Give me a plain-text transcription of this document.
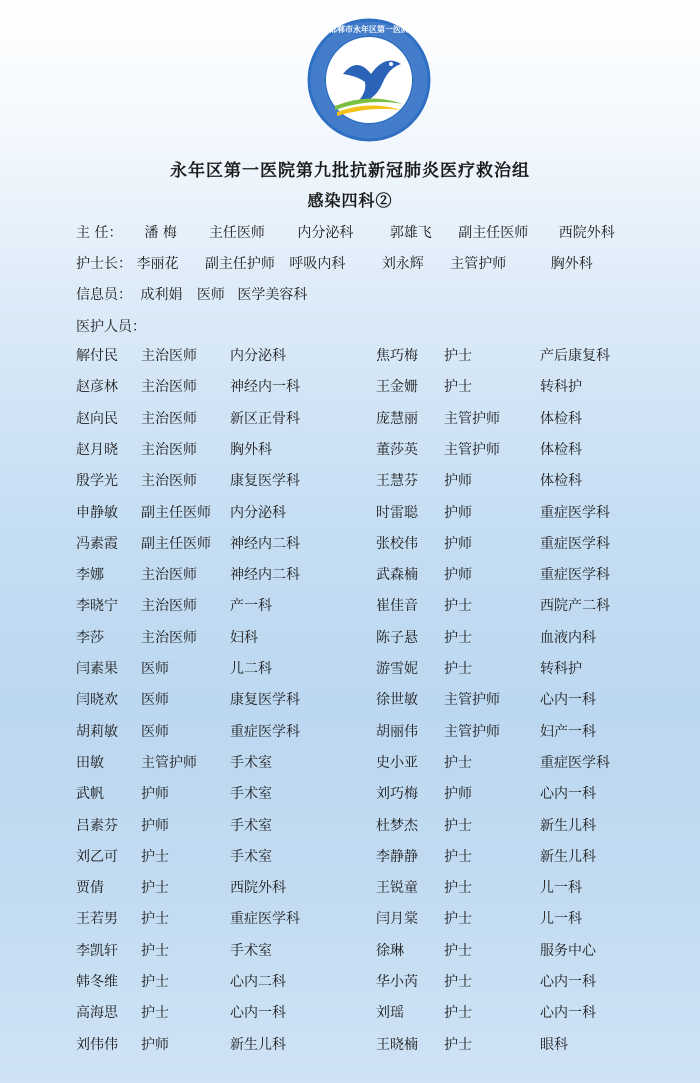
邯郸市永年区第一医院
永年区第一医院第九批抗新冠肺炎医疗救治组
感染四科②
主 任： 潘 梅 主任医师 内分泌科	郭雄飞 副主任医师 西院外科
护士长： 李丽花 副主任护师 呼吸内科	刘永辉 主管护师	胸外科
信息员： 成利娟 医师 医学美容科
医护人员：
解付民 主治医师 内分泌科	焦巧梅 护士	产后康复科
赵彦林 主治医师 神经内一科	王金姗 护士	转科护
赵向民 主治医师 新区正骨科	庞慧丽 主管护师	体检科
赵月晓 主治医师 胸外科	董莎英 主管护师	体检科
殷学光 主治医师 康复医学科	王慧芬 护师	体检科
申静敏 副主任医师 内分泌科	时雷聪 护师	重症医学科
冯素霞 副主任医师 神经内二科	张校伟 护师	重症医学科
李娜	主治医师 神经内二科	武森楠 护师	重症医学科
李晓宁 主治医师 产一科	崔佳音 护士	西院产二科
李莎	主治医师 妇科	陈子悬 护士	血液内科
闫素果 医师	儿二科	游雪妮 护士	转科护
闫晓欢 医师	康复医学科	徐世敏 主管护师	心内一科
胡莉敏 医师	重症医学科	胡丽伟 主管护师	妇产一科
田敏	主管护师 手术室	史小亚 护士	重症医学科
武帆	护师	手术室	刘巧梅 护师	心内一科
吕素芬 护师	手术室	杜梦杰 护士	新生儿科
刘乙可 护士	手术室	李静静 护士	新生儿科
贾倩	护士	西院外科	王锐童 护士	儿一科
王若男 护士	重症医学科	闫月棠 护士	儿一科
李凯轩 护士	手术室	徐琳	护士	服务中心
韩冬维 护士	心内二科	华小芮 护士	心内一科
高海思 护士	心内一科	刘瑶	护士	心内一科
刘伟伟 护师	新生儿科	王晓楠 护士	眼科
